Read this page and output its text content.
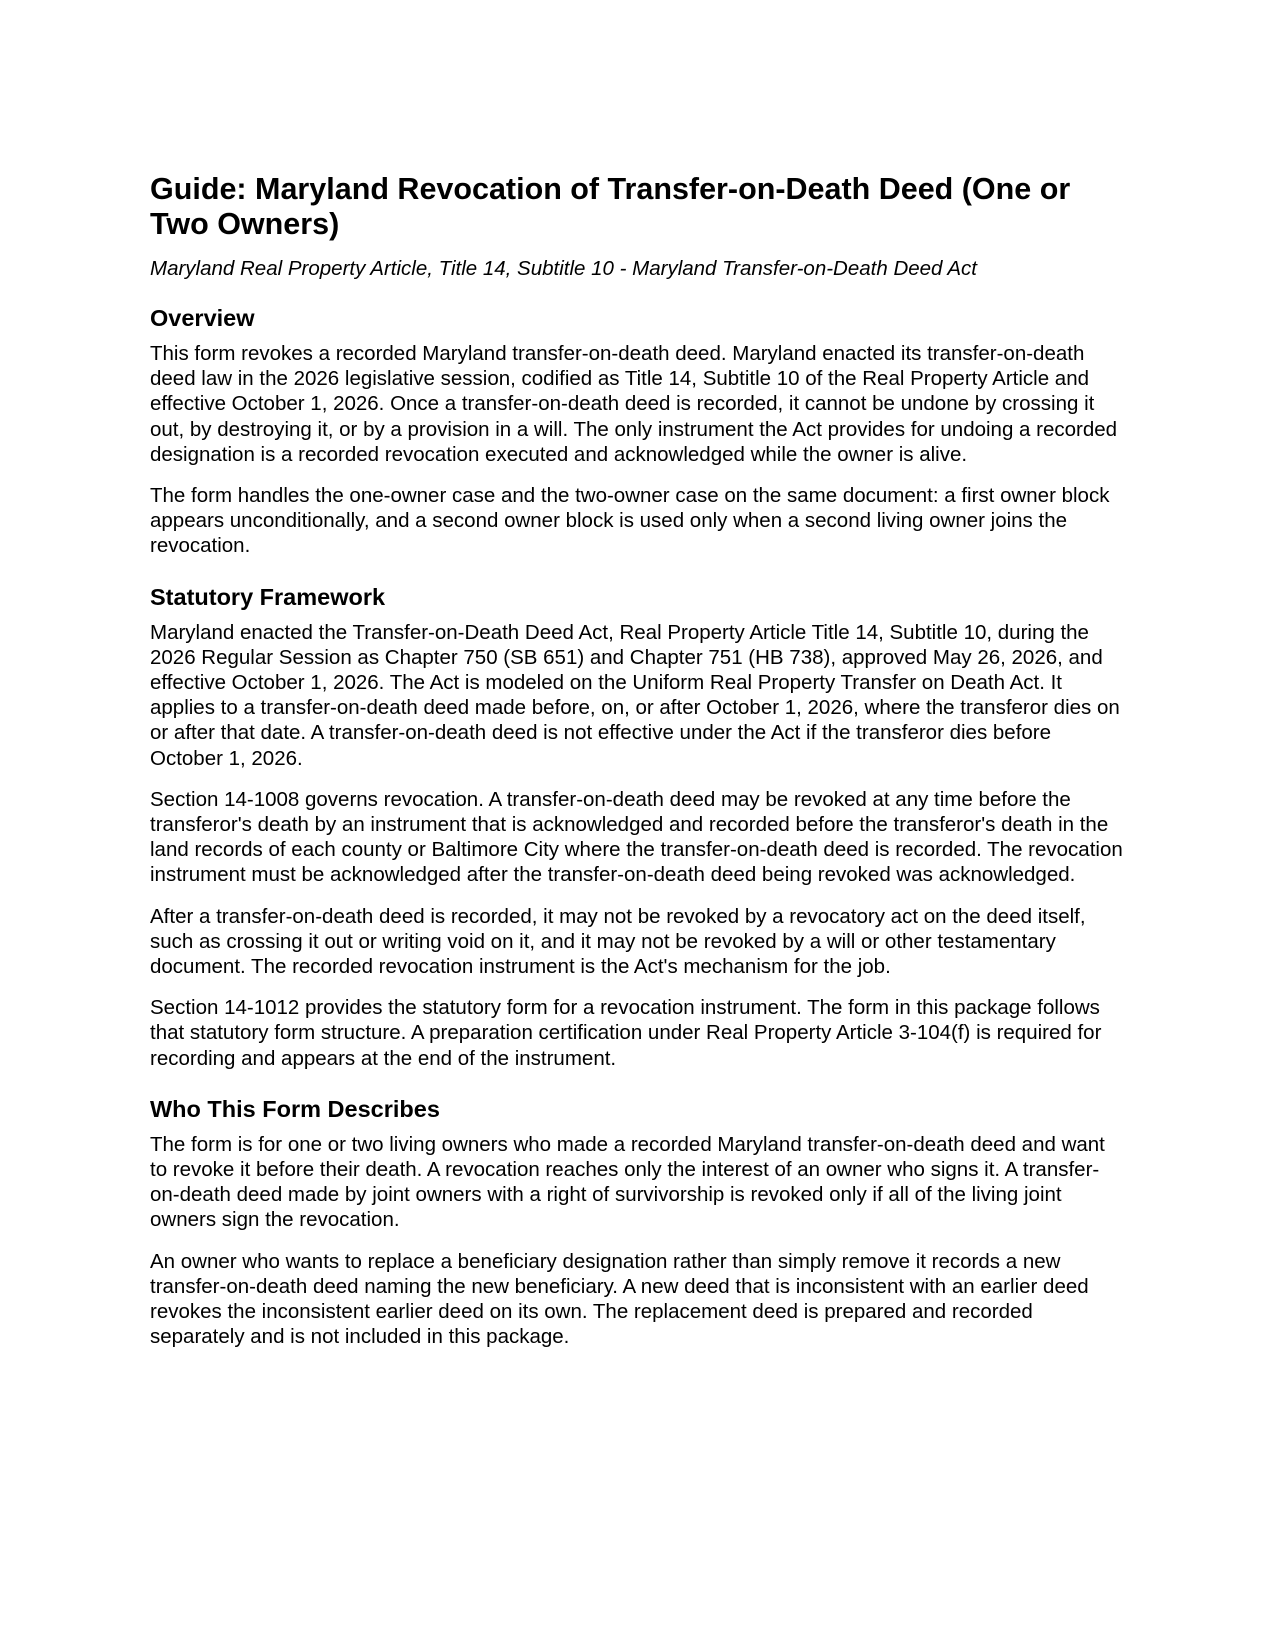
Guide: Maryland Revocation of Transfer-on-Death Deed (One or Two Owners)
Maryland Real Property Article, Title 14, Subtitle 10 - Maryland Transfer-on-Death Deed Act
Overview

This form revokes a recorded Maryland transfer-on-death deed. Maryland enacted its transfer-on-death deed law in the 2026 legislative session, codified as Title 14, Subtitle 10 of the Real Property Article and effective October 1, 2026. Once a transfer-on-death deed is recorded, it cannot be undone by crossing it out, by destroying it, or by a provision in a will. The only instrument the Act provides for undoing a recorded designation is a recorded revocation executed and acknowledged while the owner is alive.

The form handles the one-owner case and the two-owner case on the same document: a first owner block appears unconditionally, and a second owner block is used only when a second living owner joins the revocation.

Statutory Framework

Maryland enacted the Transfer-on-Death Deed Act, Real Property Article Title 14, Subtitle 10, during the 2026 Regular Session as Chapter 750 (SB 651) and Chapter 751 (HB 738), approved May 26, 2026, and effective October 1, 2026. The Act is modeled on the Uniform Real Property Transfer on Death Act. It applies to a transfer-on-death deed made before, on, or after October 1, 2026, where the transferor dies on or after that date. A transfer-on-death deed is not effective under the Act if the transferor dies before October 1, 2026.

Section 14-1008 governs revocation. A transfer-on-death deed may be revoked at any time before the transferor's death by an instrument that is acknowledged and recorded before the transferor's death in the land records of each county or Baltimore City where the transfer-on-death deed is recorded. The revocation instrument must be acknowledged after the transfer-on-death deed being revoked was acknowledged.

After a transfer-on-death deed is recorded, it may not be revoked by a revocatory act on the deed itself, such as crossing it out or writing void on it, and it may not be revoked by a will or other testamentary document. The recorded revocation instrument is the Act's mechanism for the job.

Section 14-1012 provides the statutory form for a revocation instrument. The form in this package follows that statutory form structure. A preparation certification under Real Property Article 3-104(f) is required for recording and appears at the end of the instrument.

Who This Form Describes

The form is for one or two living owners who made a recorded Maryland transfer-on-death deed and want to revoke it before their death. A revocation reaches only the interest of an owner who signs it. A transfer-on-death deed made by joint owners with a right of survivorship is revoked only if all of the living joint owners sign the revocation.

An owner who wants to replace a beneficiary designation rather than simply remove it records a new transfer-on-death deed naming the new beneficiary. A new deed that is inconsistent with an earlier deed revokes the inconsistent earlier deed on its own. The replacement deed is prepared and recorded separately and is not included in this package.
